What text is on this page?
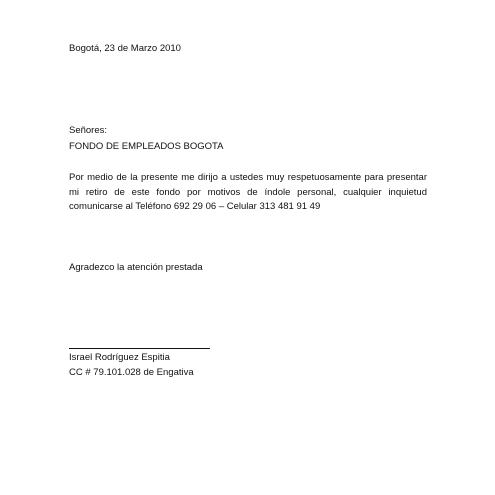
Bogotá, 23 de Marzo 2010

Señores:

FONDO DE EMPLEADOS BOGOTA

Por medio de la presente me dirijo a ustedes muy respetuosamente para presentar mi retiro de este fondo por motivos de índole personal, cualquier inquietud comunicarse al Teléfono 692 29 06 – Celular 313 481 91 49

Agradezco la atención prestada

Israel Rodríguez Espitia

CC # 79.101.028 de Engativa
